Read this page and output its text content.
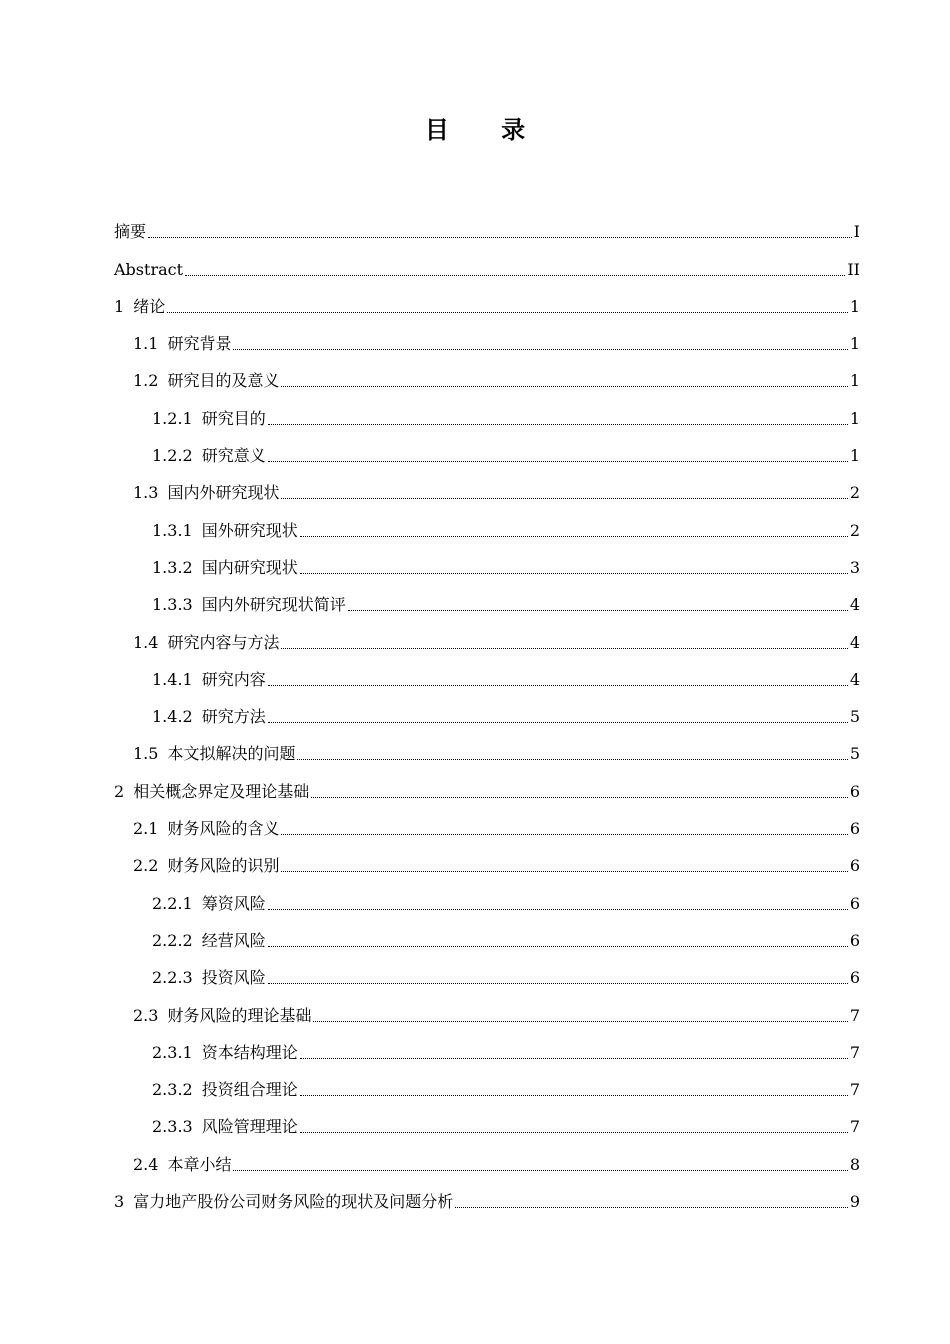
目 录
摘要	I
Abstract	II
1 绪论	1
1.1 研究背景	1
1.2 研究目的及意义	1
1.2.1 研究目的	1
1.2.2 研究意义	1
1.3 国内外研究现状	2
1.3.1 国外研究现状	2
1.3.2 国内研究现状	3
1.3.3 国内外研究现状简评	4
1.4 研究内容与方法	4
1.4.1 研究内容	4
1.4.2 研究方法	5
1.5 本文拟解决的问题	5
2 相关概念界定及理论基础	6
2.1 财务风险的含义	6
2.2 财务风险的识别	6
2.2.1 筹资风险	6
2.2.2 经营风险	6
2.2.3 投资风险	6
2.3 财务风险的理论基础	7
2.3.1 资本结构理论	7
2.3.2 投资组合理论	7
2.3.3 风险管理理论	7
2.4 本章小结	8
3 富力地产股份公司财务风险的现状及问题分析	9
